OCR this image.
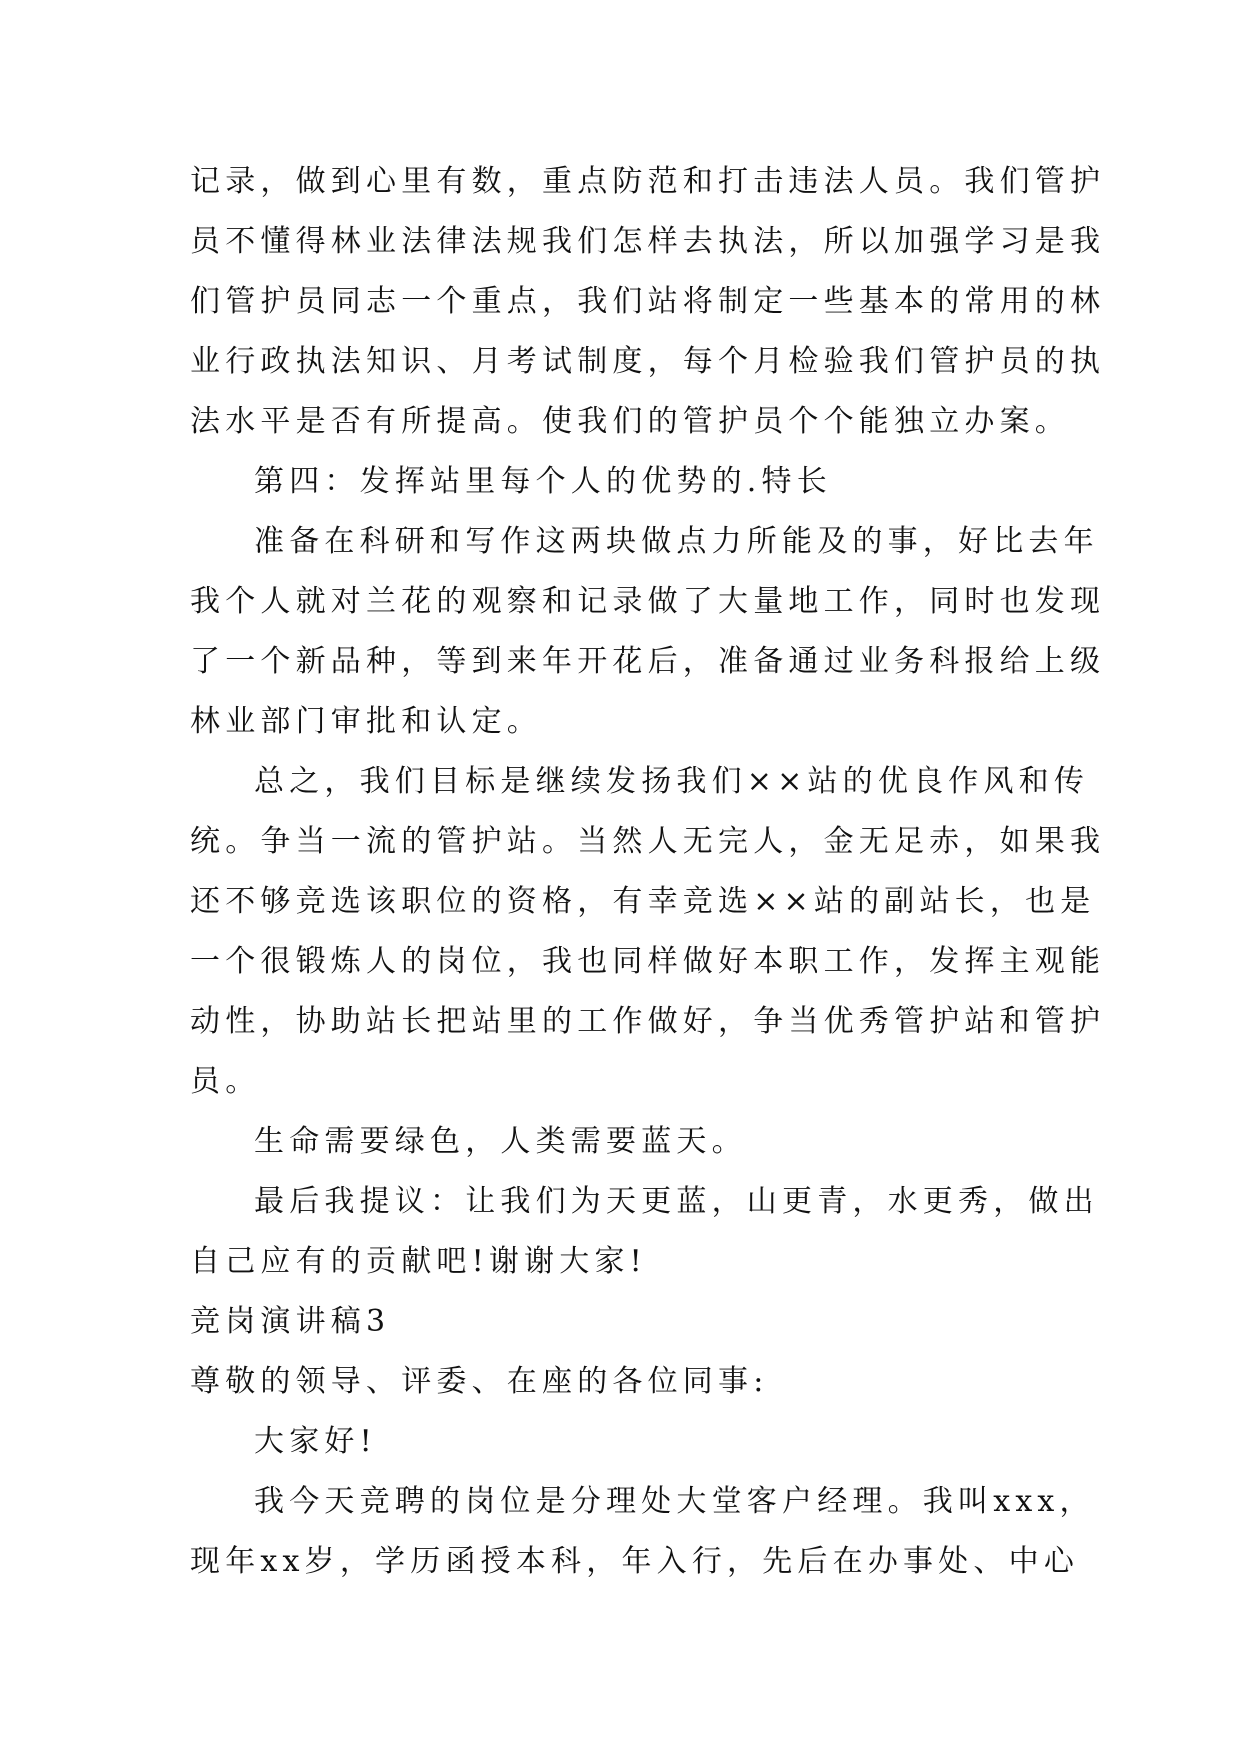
记录，做到心里有数，重点防范和打击违法人员。我们管护
员不懂得林业法律法规我们怎样去执法，所以加强学习是我
们管护员同志一个重点，我们站将制定一些基本的常用的林
业行政执法知识、月考试制度，每个月检验我们管护员的执
法水平是否有所提高。使我们的管护员个个能独立办案。
第四：发挥站里每个人的优势的.特长
准备在科研和写作这两块做点力所能及的事，好比去年
我个人就对兰花的观察和记录做了大量地工作，同时也发现
了一个新品种，等到来年开花后，准备通过业务科报给上级
林业部门审批和认定。
总之，我们目标是继续发扬我们××站的优良作风和传
统。争当一流的管护站。当然人无完人，金无足赤，如果我
还不够竞选该职位的资格，有幸竞选××站的副站长，也是
一个很锻炼人的岗位，我也同样做好本职工作，发挥主观能
动性，协助站长把站里的工作做好，争当优秀管护站和管护
员。
生命需要绿色，人类需要蓝天。
最后我提议：让我们为天更蓝，山更青，水更秀，做出
自己应有的贡献吧!谢谢大家!
竞岗演讲稿3
尊敬的领导、评委、在座的各位同事:
大家好!
我今天竞聘的岗位是分理处大堂客户经理。我叫xxx，
现年xx岁，学历函授本科，年入行，先后在办事处、中心
